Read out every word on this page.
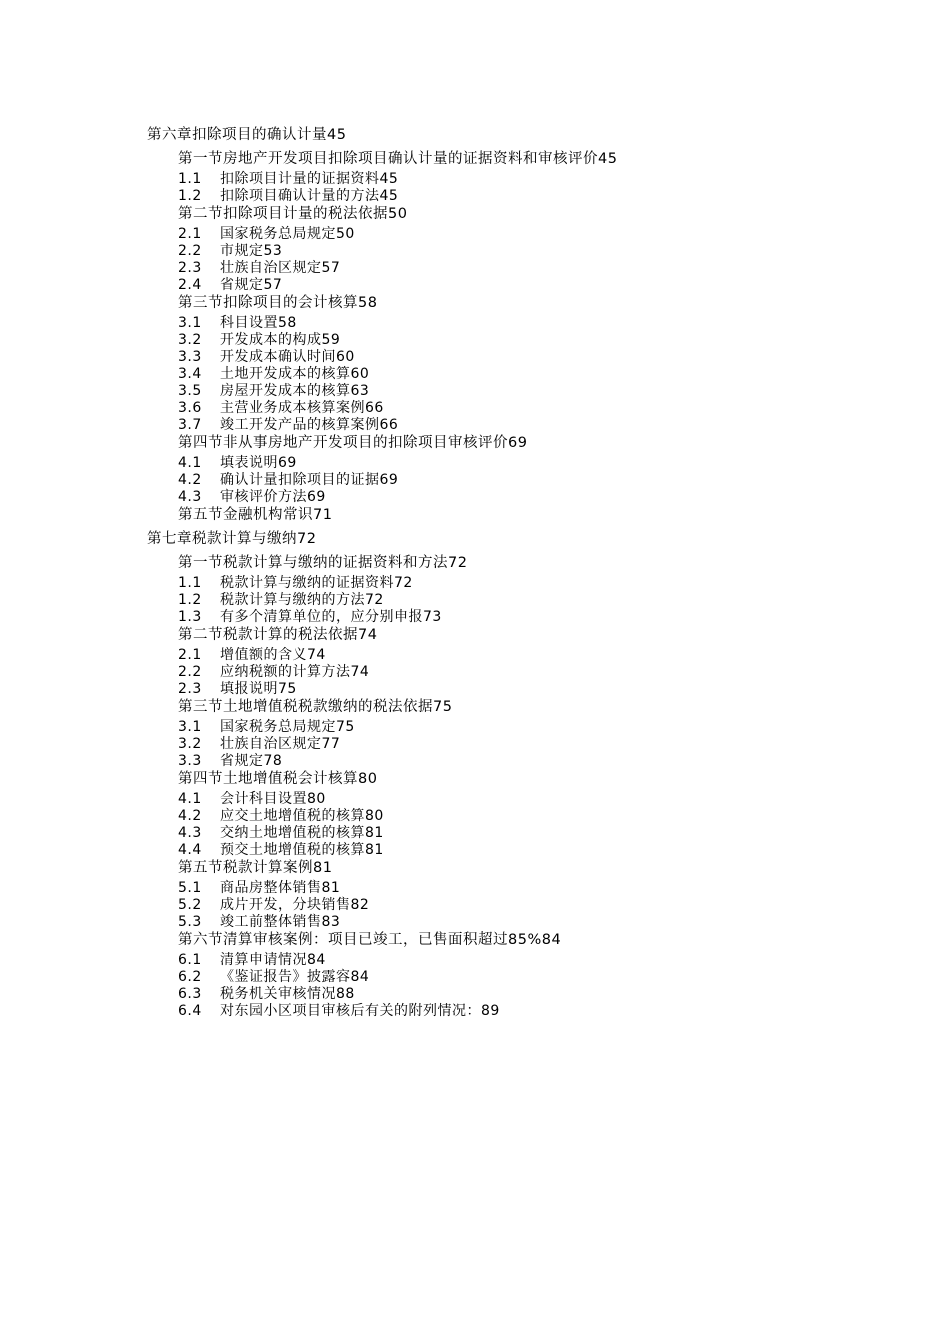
第六章扣除项目的确认计量45
第一节房地产开发项目扣除项目确认计量的证据资料和审核评价45
1.1 扣除项目计量的证据资料45
1.2 扣除项目确认计量的方法45
第二节扣除项目计量的税法依据50
2.1 国家税务总局规定50
2.2 市规定53
2.3 壮族自治区规定57
2.4 省规定57
第三节扣除项目的会计核算58
3.1 科目设置58
3.2 开发成本的构成59
3.3 开发成本确认时间60
3.4 土地开发成本的核算60
3.5 房屋开发成本的核算63
3.6 主营业务成本核算案例66
3.7 竣工开发产品的核算案例66
第四节非从事房地产开发项目的扣除项目审核评价69
4.1 填表说明69
4.2 确认计量扣除项目的证据69
4.3 审核评价方法69
第五节金融机构常识71
第七章税款计算与缴纳72
第一节税款计算与缴纳的证据资料和方法72
1.1 税款计算与缴纳的证据资料72
1.2 税款计算与缴纳的方法72
1.3 有多个清算单位的，应分别申报73
第二节税款计算的税法依据74
2.1 增值额的含义74
2.2 应纳税额的计算方法74
2.3 填报说明75
第三节土地增值税税款缴纳的税法依据75
3.1 国家税务总局规定75
3.2 壮族自治区规定77
3.3 省规定78
第四节土地增值税会计核算80
4.1 会计科目设置80
4.2 应交土地增值税的核算80
4.3 交纳土地增值税的核算81
4.4 预交土地增值税的核算81
第五节税款计算案例81
5.1 商品房整体销售81
5.2 成片开发，分块销售82
5.3 竣工前整体销售83
第六节清算审核案例：项目已竣工，已售面积超过85%84
6.1 清算申请情况84
6.2 《鉴证报告》披露容84
6.3 税务机关审核情况88
6.4 对东园小区项目审核后有关的附列情况：89
